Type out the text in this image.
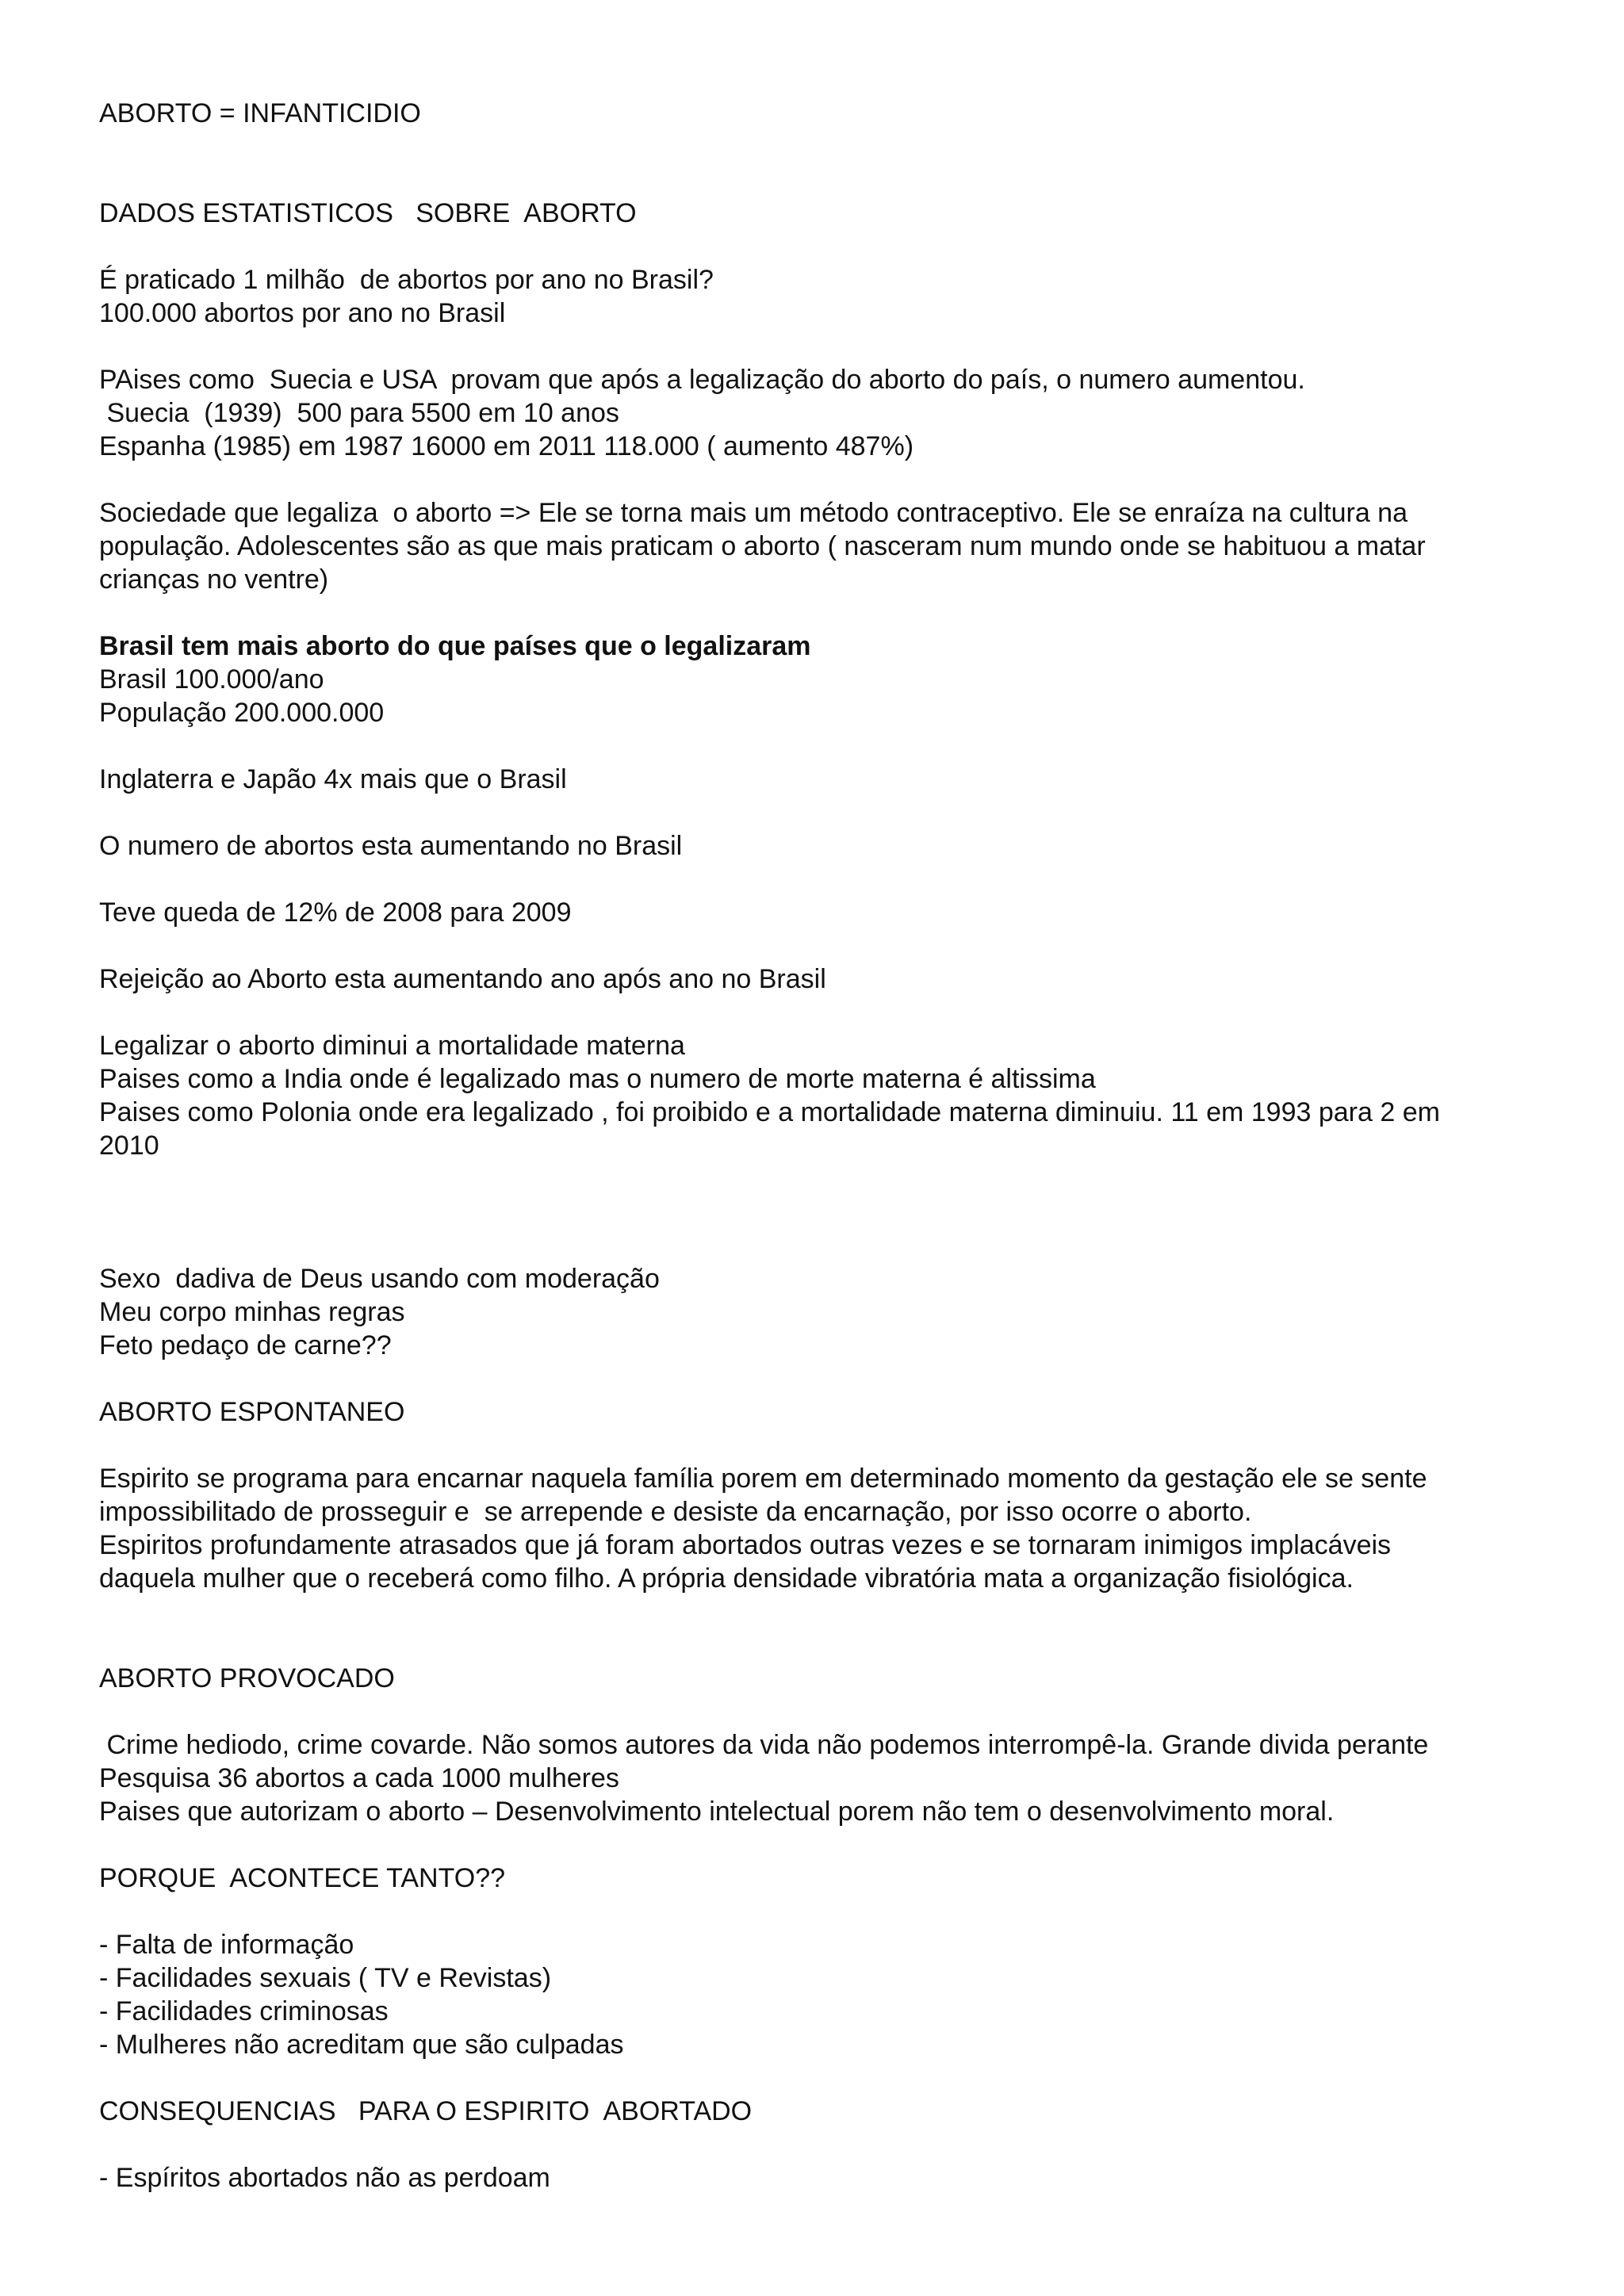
ABORTO = INFANTICIDIO
DADOS ESTATISTICOS   SOBRE  ABORTO
É praticado 1 milhão  de abortos por ano no Brasil?
100.000 abortos por ano no Brasil
PAises como  Suecia e USA  provam que após a legalização do aborto do país, o numero aumentou.
Suecia  (1939)  500 para 5500 em 10 anos
Espanha (1985) em 1987 16000 em 2011 118.000 ( aumento 487%)
Sociedade que legaliza  o aborto => Ele se torna mais um método contraceptivo. Ele se enraíza na cultura na
população. Adolescentes são as que mais praticam o aborto ( nasceram num mundo onde se habituou a matar
crianças no ventre)
Brasil tem mais aborto do que países que o legalizaram
Brasil 100.000/ano
População 200.000.000
Inglaterra e Japão 4x mais que o Brasil
O numero de abortos esta aumentando no Brasil
Teve queda de 12% de 2008 para 2009
Rejeição ao Aborto esta aumentando ano após ano no Brasil
Legalizar o aborto diminui a mortalidade materna
Paises como a India onde é legalizado mas o numero de morte materna é altissima
Paises como Polonia onde era legalizado , foi proibido e a mortalidade materna diminuiu. 11 em 1993 para 2 em
2010
Sexo  dadiva de Deus usando com moderação
Meu corpo minhas regras
Feto pedaço de carne??
ABORTO ESPONTANEO
Espirito se programa para encarnar naquela família porem em determinado momento da gestação ele se sente
impossibilitado de prosseguir e  se arrepende e desiste da encarnação, por isso ocorre o aborto.
Espiritos profundamente atrasados que já foram abortados outras vezes e se tornaram inimigos implacáveis
daquela mulher que o receberá como filho. A própria densidade vibratória mata a organização fisiológica.
ABORTO PROVOCADO
Crime hediodo, crime covarde. Não somos autores da vida não podemos interrompê-la. Grande divida perante
Pesquisa 36 abortos a cada 1000 mulheres
Paises que autorizam o aborto – Desenvolvimento intelectual porem não tem o desenvolvimento moral.
PORQUE  ACONTECE TANTO??
- Falta de informação
- Facilidades sexuais ( TV e Revistas)
- Facilidades criminosas
- Mulheres não acreditam que são culpadas
CONSEQUENCIAS   PARA O ESPIRITO  ABORTADO
- Espíritos abortados não as perdoam
